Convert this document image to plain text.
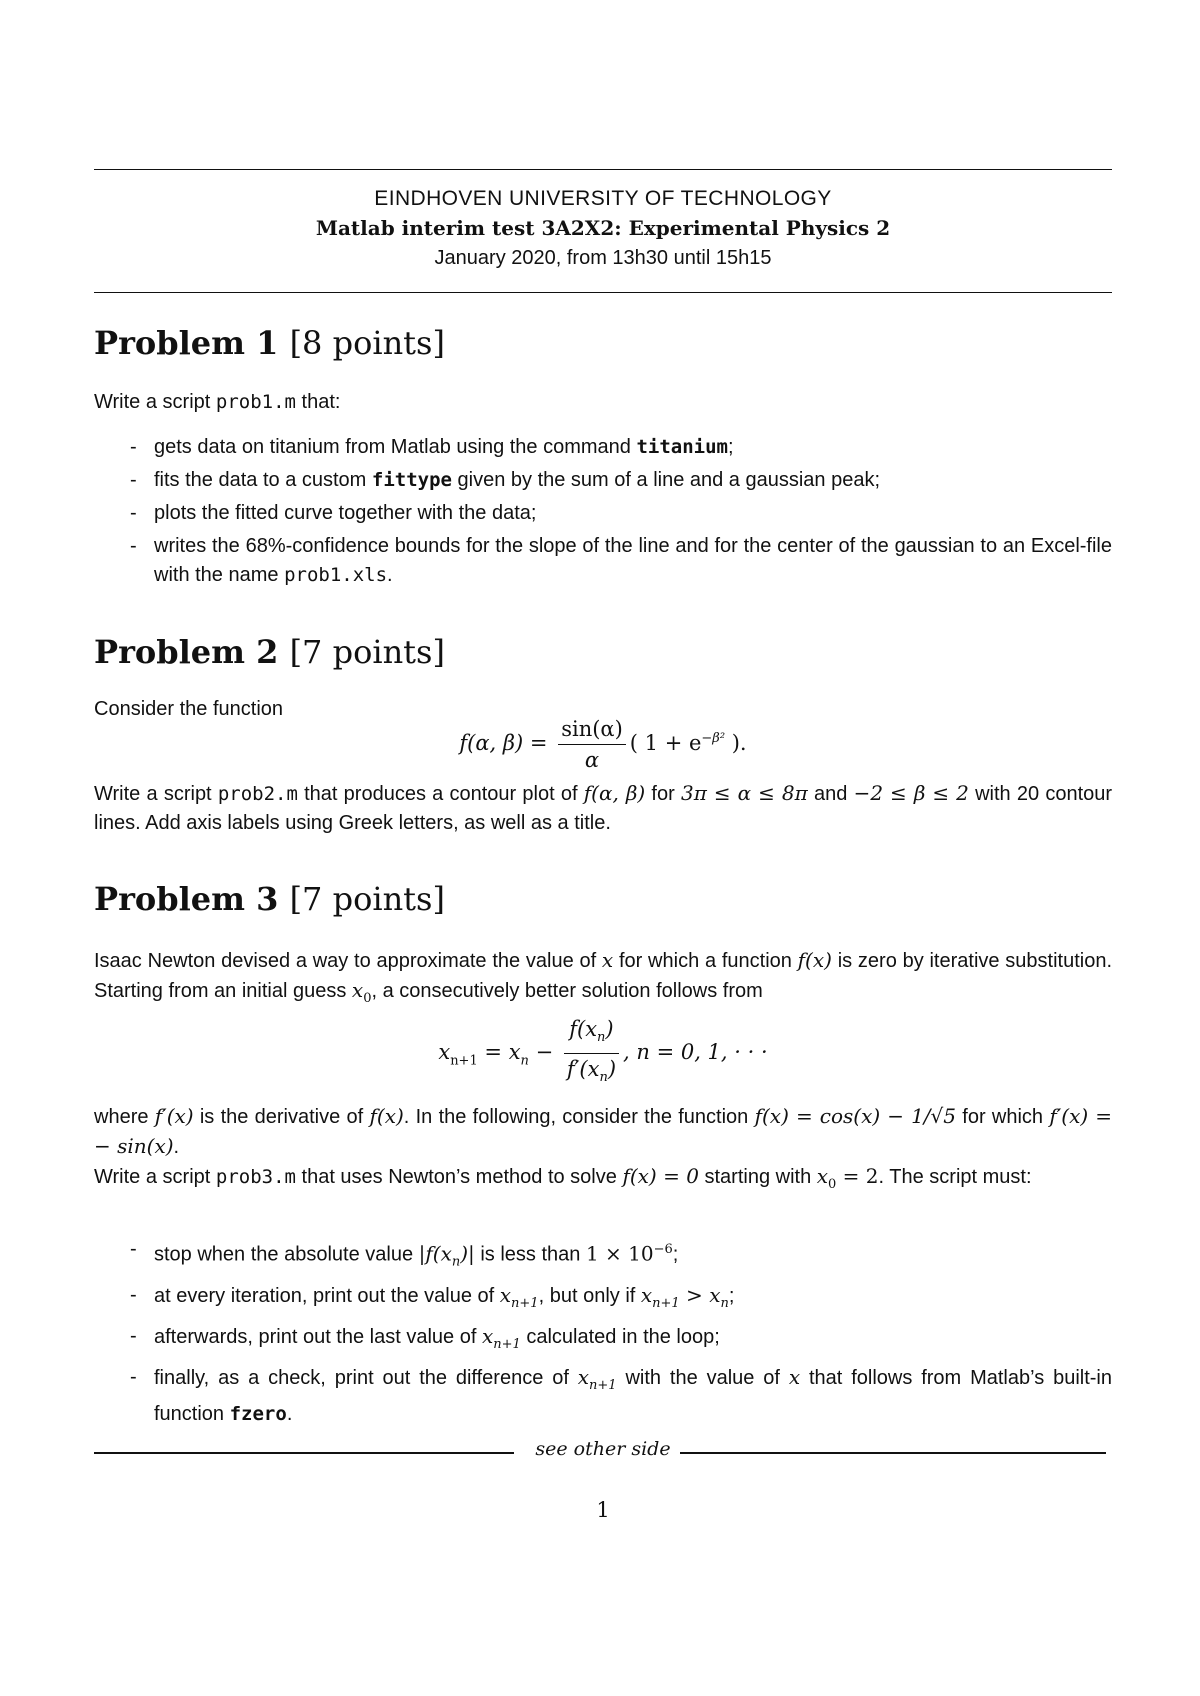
EINDHOVEN UNIVERSITY OF TECHNOLOGY
Matlab interim test 3A2X2: Experimental Physics 2
January 2020, from 13h30 until 15h15
Problem 1 [8 points]
Write a script prob1.m that:
- gets data on titanium from Matlab using the command titanium;
- fits the data to a custom fittype given by the sum of a line and a gaussian peak;
- plots the fitted curve together with the data;
- writes the 68%-confidence bounds for the slope of the line and for the center of the gaussian to an Excel-file with the name prob1.xls.
Problem 2 [7 points]
Consider the function
f(α, $\beta) = \frac{\sin(\alpha)}{\alpha}$ ( $1 + e^{-\beta^2}$ ).
Write a script prob2.m that produces a contour plot of f(α, β) for 3π ≤ α ≤ 8π and −2 ≤ β ≤ 2 with 20 contour lines. Add axis labels using Greek letters, as well as a title.
Problem 3 [7 points]
Isaac Newton devised a way to approximate the value of x for which a function f(x) is zero by iterative substitution. Starting from an initial guess $x_0$, a consecutively better solution follows from
$x_{n+1} = x_n - \frac{f(x_n)}{f'(x_n)}$ , n = 0, 1, · · ·
where f′(x) is the derivative of f(x). In the following, consider the function f(x) = cos(x) − 1/√5 for which f′(x) = − sin(x).
Write a script prob3.m that uses Newton’s method to solve f(x) = 0 starting with $x_0 = 2$. The script must:
- stop when the absolute value $|f(x_n)|$ is less than $1 \times 10^{-6}$;
- at every iteration, print out the value of $x_{n+1}$, but only if $x_{n+1} > x_n$;
- afterwards, print out the last value of $x_{n+1}$ calculated in the loop;
- finally, as a check, print out the difference of $x_{n+1}$ with the value of x that follows from Matlab’s built-in function fzero.
see other side
1
